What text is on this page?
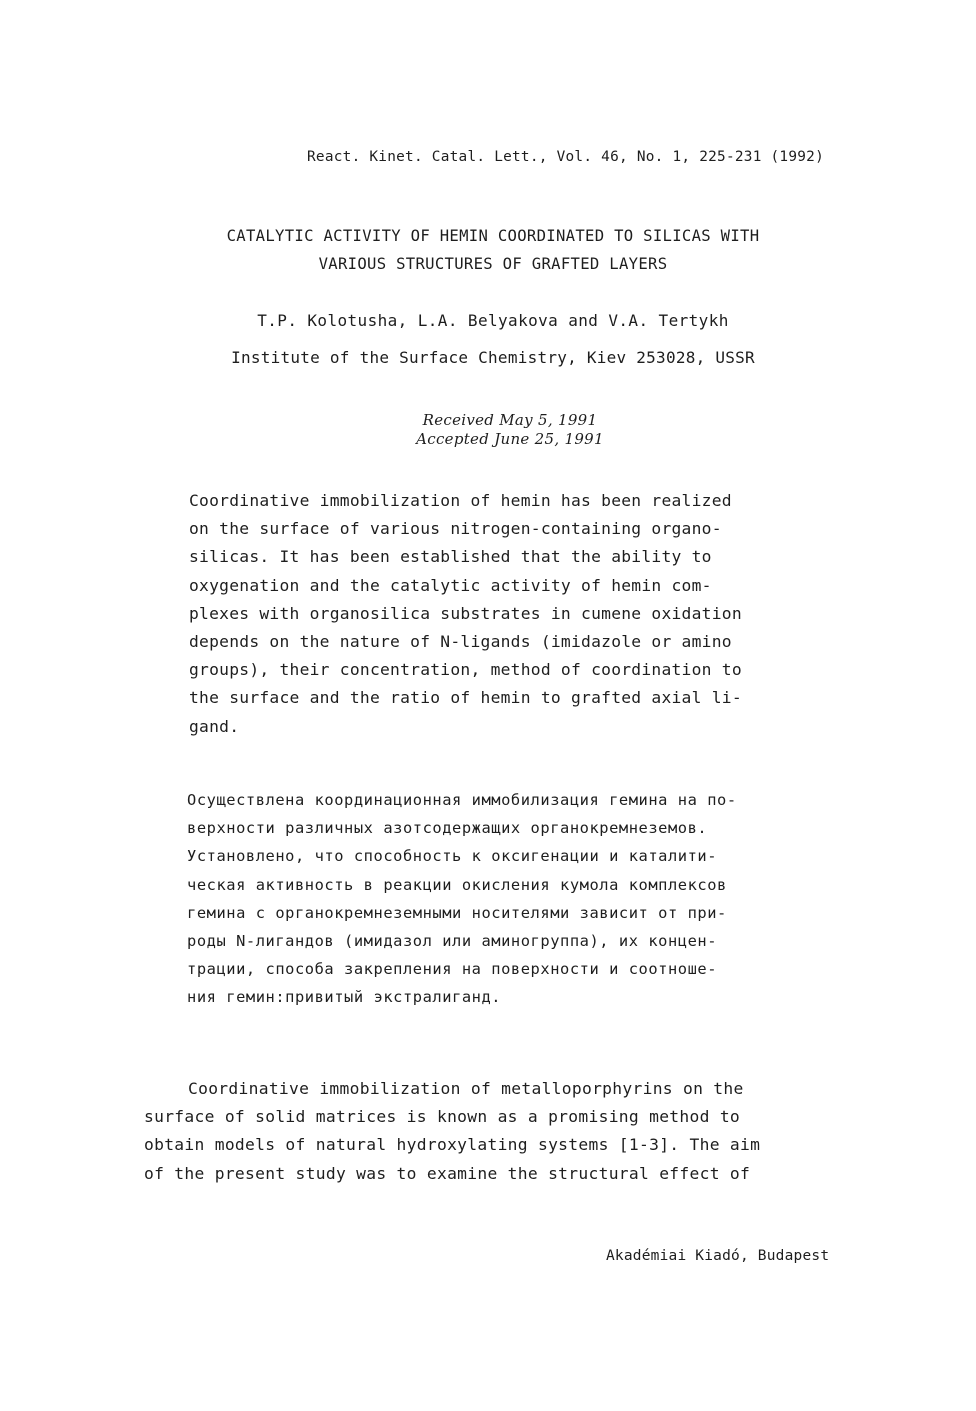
React. Kinet. Catal. Lett., Vol. 46, No. 1, 225-231 (1992)
CATALYTIC ACTIVITY OF HEMIN COORDINATED TO SILICAS WITH
VARIOUS STRUCTURES OF GRAFTED LAYERS
T.P. Kolotusha, L.A. Belyakova and V.A. Tertykh
Institute of the Surface Chemistry, Kiev 253028, USSR
Received May 5, 1991
Accepted June 25, 1991
Coordinative immobilization of hemin has been realized
on the surface of various nitrogen-containing organo-
silicas. It has been established that the ability to
oxygenation and the catalytic activity of hemin com-
plexes with organosilica substrates in cumene oxidation
depends on the nature of N-ligands (imidazole or amino
groups), their concentration, method of coordination to
the surface and the ratio of hemin to grafted axial li-
gand.
Осуществлена координационная иммобилизация гемина на по-
верхности различных азотсодержащих органокремнеземов.
Установлено, что способность к оксигенации и каталити-
ческая активность в реакции окисления кумола комплексов
гемина с органокремнеземными носителями зависит от при-
роды N-лигандов (имидазол или аминогруппа), их концен-
трации, способа закрепления на поверхности и соотноше-
ния гемин:привитый экстралиганд.
Coordinative immobilization of metalloporphyrins on the
surface of solid matrices is known as a promising method to
obtain models of natural hydroxylating systems [1-3]. The aim
of the present study was to examine the structural effect of
Akadémiai Kiadó, Budapest
